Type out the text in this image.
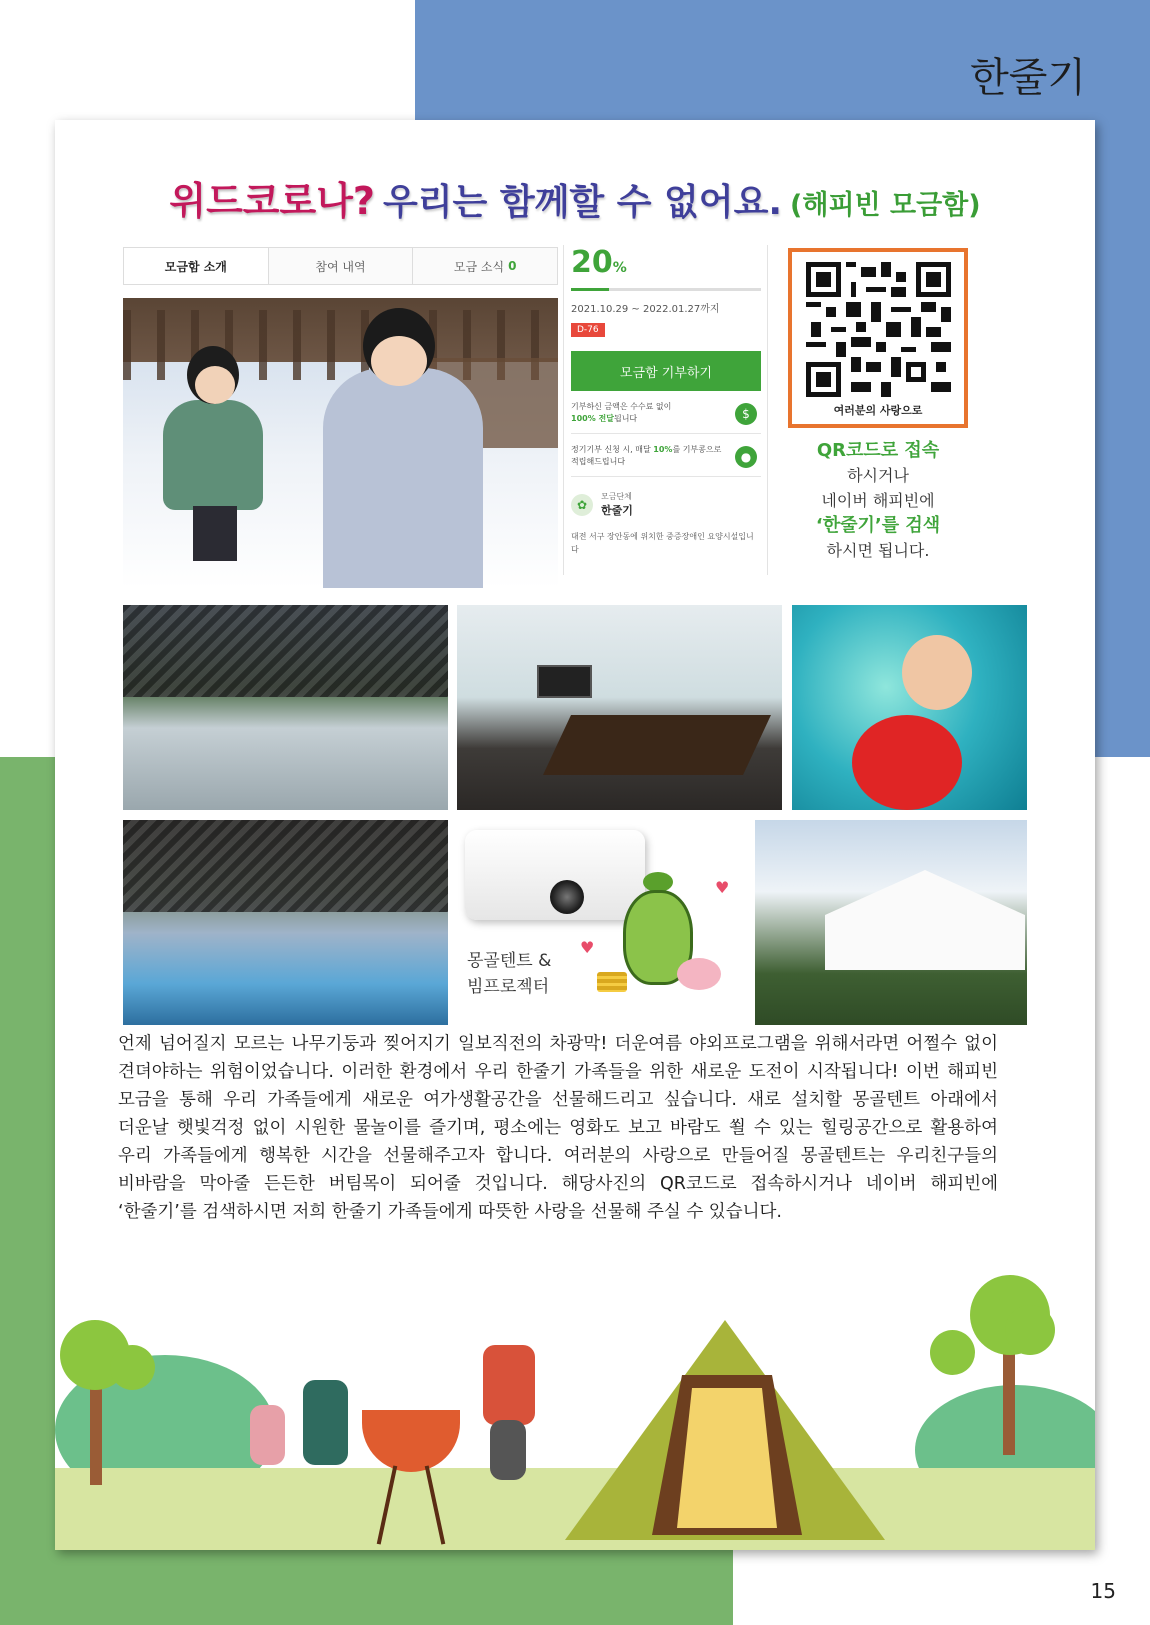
한줄기
위드코로나? 우리는 함께할 수 없어요. (해피빈 모금함)
모금함 소개	참여 내역	모금 소식 0 20%
2021.10.29 ~ 2022.01.27까지
D-76
모금함 기부하기
기부하신 금액은 수수료 없이
100% 전달됩니다	$
정기기부 신청 시, 매달 10%를 기부콩으로 적립해드립니다	●
✿
모금단체
한줄기
대전 서구 장안동에 위치한 중증장애인 요양시설입니다
여러분의 사랑으로
QR코드로 접속
하시거나
네이버 해피빈에
‘한줄기’를 검색
하시면 됩니다.
♥
♥
몽골텐트 &
빔프로젝터
언제 넘어질지 모르는 나무기둥과 찢어지기 일보직전의 차광막! 더운여름 야외프로그램을 위해서라면 어쩔수 없이 견뎌야하는 위험이었습니다. 이러한 환경에서 우리 한줄기 가족들을 위한 새로운 도전이 시작됩니다! 이번 해피빈 모금을 통해 우리 가족들에게 새로운 여가생활공간을 선물해드리고 싶습니다. 새로 설치할 몽골텐트 아래에서 더운날 햇빛걱정 없이 시원한 물놀이를 즐기며, 평소에는 영화도 보고 바람도 쐴 수 있는 힐링공간으로 활용하여 우리 가족들에게 행복한 시간을 선물해주고자 합니다. 여러분의 사랑으로 만들어질 몽골텐트는 우리친구들의 비바람을 막아줄 든든한 버팀목이 되어줄 것입니다. 해당사진의 QR코드로 접속하시거나 네이버 해피빈에 ‘한줄기’를 검색하시면 저희 한줄기 가족들에게 따뜻한 사랑을 선물해 주실 수 있습니다.
15
